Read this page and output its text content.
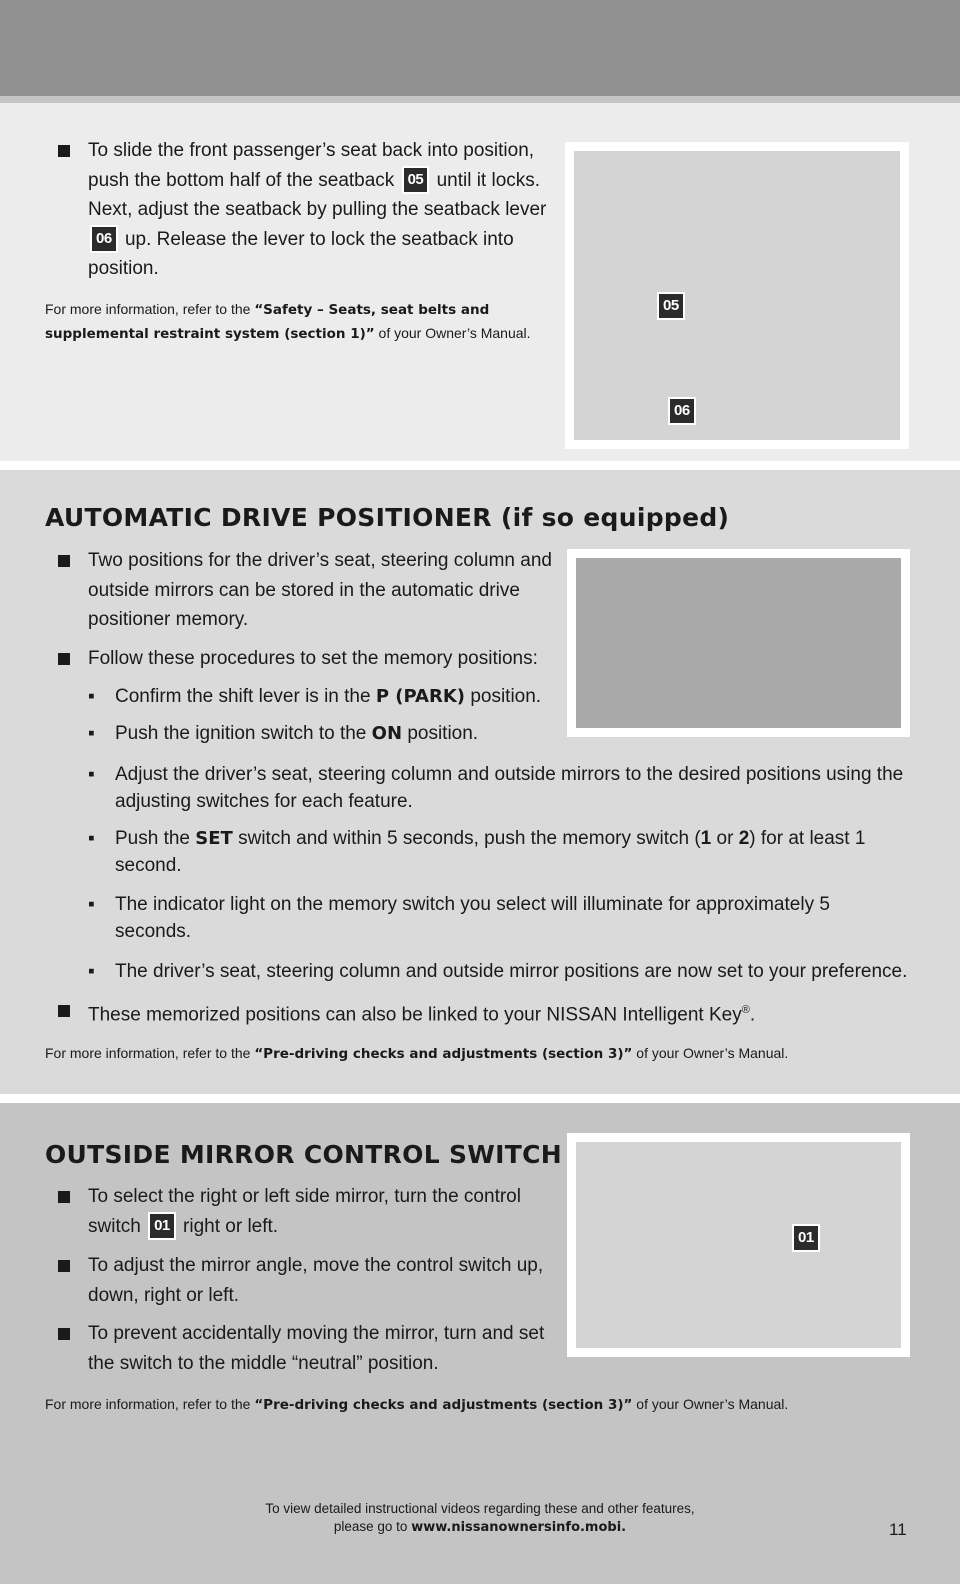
To slide the front passenger’s seat back into position, push the bottom half of the seatback 05 until it locks. Next, adjust the seatback by pulling the seatback lever 06 up. Release the lever to lock the seatback into position.
For more information, refer to the “Safety – Seats, seat belts and supplemental restraint system (section 1)” of your Owner’s Manual.
05
06
AUTOMATIC DRIVE POSITIONER (if so equipped)
Two positions for the driver’s seat, steering column and outside mirrors can be stored in the automatic drive positioner memory.
Follow these procedures to set the memory positions:
▪	Confirm the shift lever is in the P (PARK) position.
▪	Push the ignition switch to the ON position.
▪	Adjust the driver’s seat, steering column and outside mirrors to the desired positions using the adjusting switches for each feature.
▪	Push the SET switch and within 5 seconds, push the memory switch (1 or 2) for at least 1 second.
▪	The indicator light on the memory switch you select will illuminate for approximately 5 seconds.
▪	The driver’s seat, steering column and outside mirror positions are now set to your preference.
These memorized positions can also be linked to your NISSAN Intelligent Key®.
For more information, refer to the “Pre-driving checks and adjustments (section 3)” of your Owner’s Manual.
OUTSIDE MIRROR CONTROL SWITCH
To select the right or left side mirror, turn the control switch 01 right or left.
To adjust the mirror angle, move the control switch up, down, right or left.
To prevent accidentally moving the mirror, turn and set the switch to the middle “neutral” position.
For more information, refer to the “Pre-driving checks and adjustments (section 3)” of your Owner’s Manual.
01
To view detailed instructional videos regarding these and other features,
please go to www.nissanownersinfo.mobi.	11
